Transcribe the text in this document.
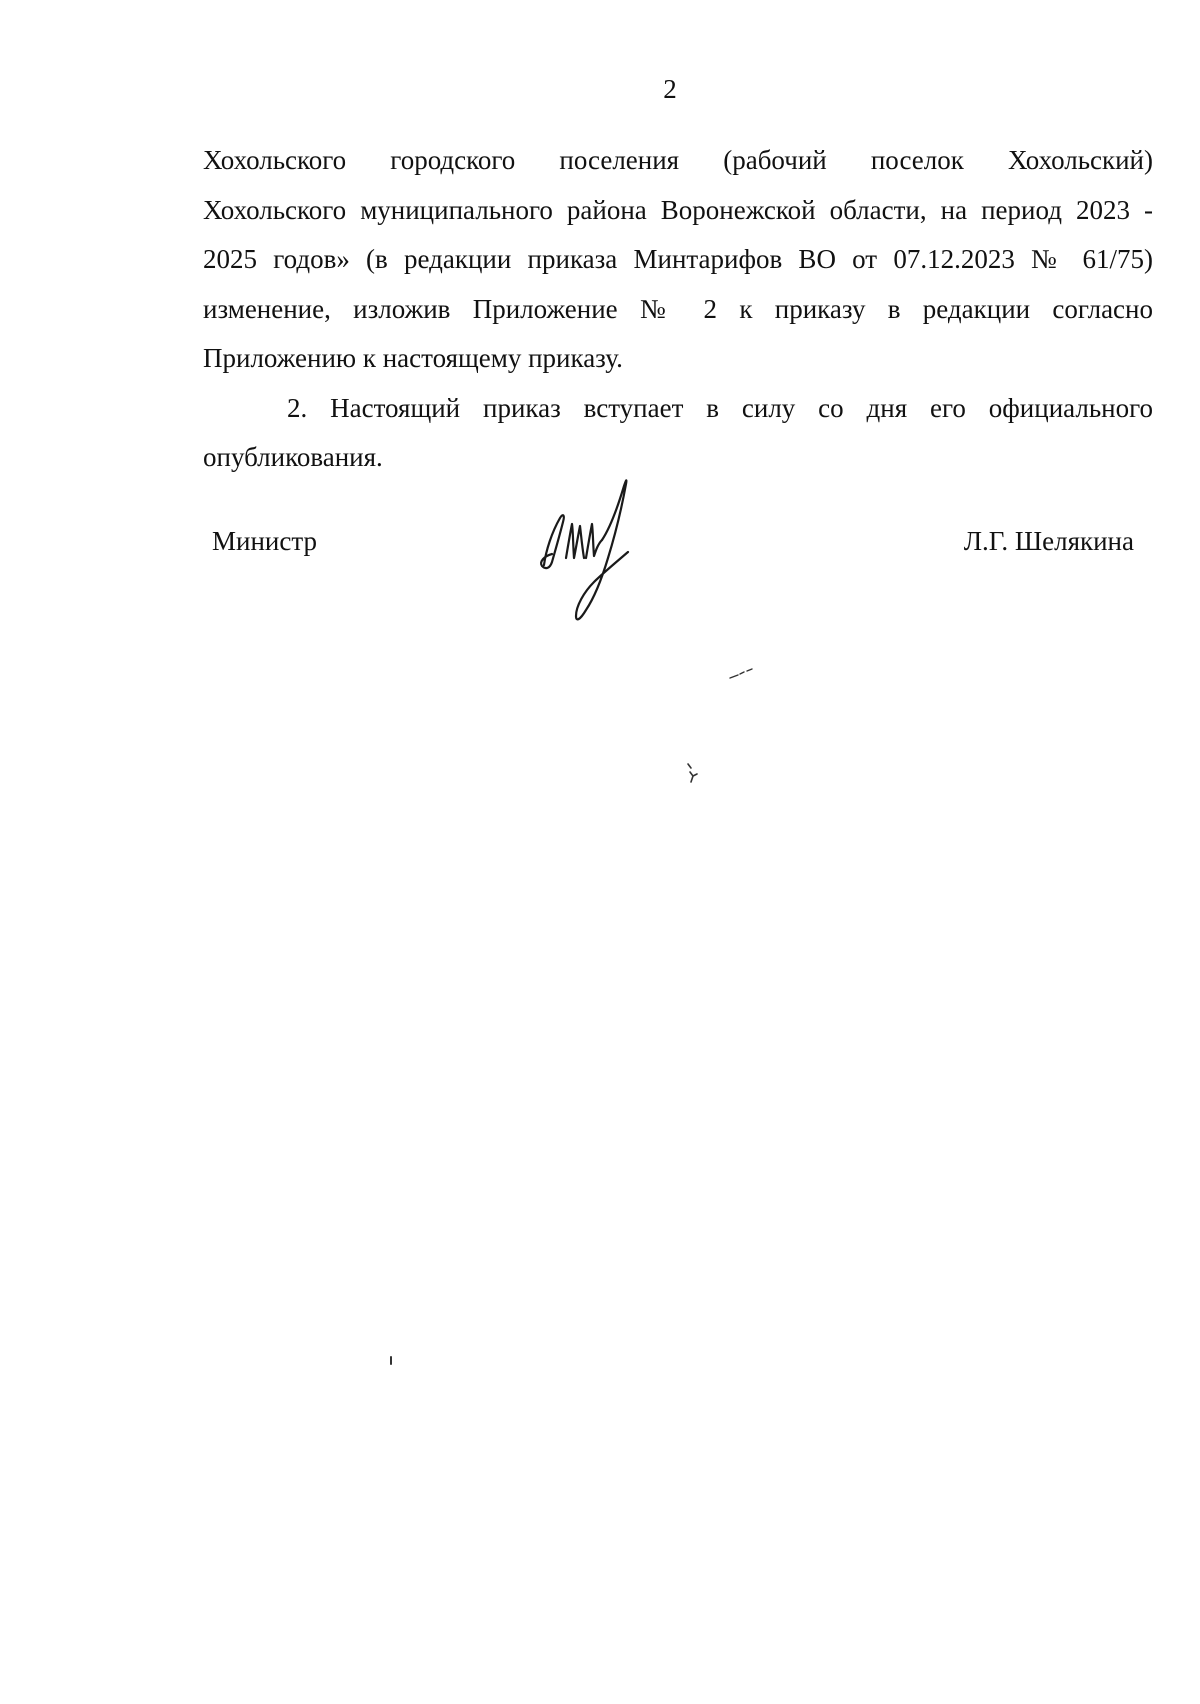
2

Хохольского городского поселения (рабочий поселок Хохольский)
Хохольского муниципального района Воронежской области, на период 2023 -
2025 годов» (в редакции приказа Минтарифов ВО от 07.12.2023 № 61/75)
изменение, изложив Приложение № 2 к приказу в редакции согласно
Приложению к настоящему приказу.

2. Настоящий приказ вступает в силу со дня его официального
опубликования.

Министр	Л.Г. Шелякина
